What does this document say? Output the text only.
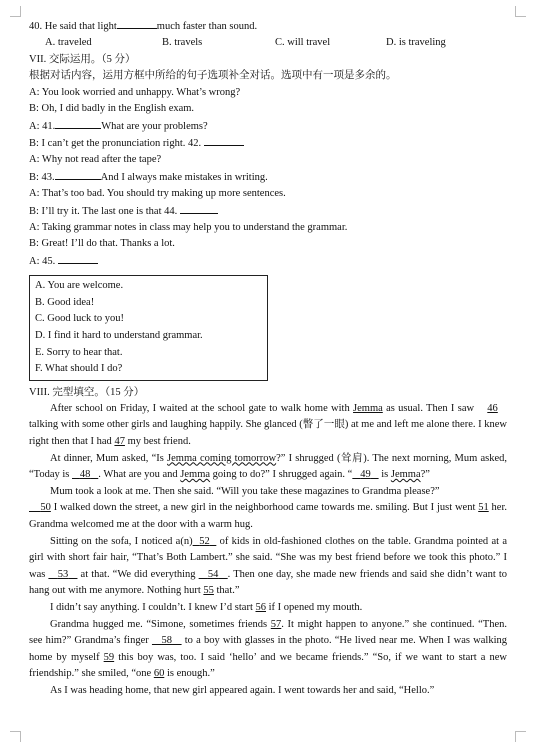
40. He said that light	much faster than sound.
A. traveled	B. travels	C. will travel	D. is traveling
VII. 交际运用。（5 分）
根据对话内容，运用方框中所给的句子选项补全对话。选项中有一项是多余的。
A: You look worried and unhappy. What’s wrong?
B: Oh, I did badly in the English exam.
A: 41.	What are your problems?
B: I can’t get the pronunciation right. 42.
A: Why not read after the tape?
B: 43.	And I always make mistakes in writing.
A: That’s too bad. You should try making up more sentences.
B: I’ll try it. The last one is that 44.
A: Taking grammar notes in class may help you to understand the grammar.
B: Great! I’ll do that. Thanks a lot.
A: 45.
A. You are welcome.
B. Good idea!
C. Good luck to you!
D. I find it hard to understand grammar.
E. Sorry to hear that.
F. What should I do?
VIII. 完型填空。（15 分）
After school on Friday, I waited at the school gate to walk home with Jemma as usual. Then I saw    46    talking with some other girls and laughing happily. She glanced (瞥了一眼) at me and left me alone there. I knew right then that I had 47 my best friend.
At dinner, Mum asked, “Is Jemma coming tomorrow?” I shrugged (耸肩). The next morning, Mum asked, “Today is 48 . What are you and Jemma going to do?” I shrugged again. “ 49    is Jemma?”
Mum took a look at me. Then she said. “Will you take these magazines to Grandma please?”
50 I walked down the street, a new girl in the neighborhood came towards me. smiling. But I just went 51 her. Grandma welcomed me at the door with a warm hug.
Sitting on the sofa, I noticed a(n) 52   of kids in old-fashioned clothes on the table. Grandma pointed at a girl with short fair hair, “That’s Both Lambert.” she said. “She was my best friend before we took this photo.” I was    53    at that. “We did everything    54 . Then one day, she made new friends and said she didn’t want to hang out with me anymore. Nothing hurt 55 that.”
I didn’t say anything. I couldn’t. I knew I’d start 56 if I opened my mouth.
Grandma hugged me. “Simone, sometimes friends 57. It might happen to anyone.” she continued. “Then. see him?” Grandma’s finger    58    to a boy with glasses in the photo. “He lived near me. When I was walking home by myself 59 this boy was, too. I said ‘hello’ and we became friends.” “So, if we want to start a new friendship.” she smiled, “one 60 is enough.”
As I was heading home, that new girl appeared again. I went towards her and said, “Hello.”
